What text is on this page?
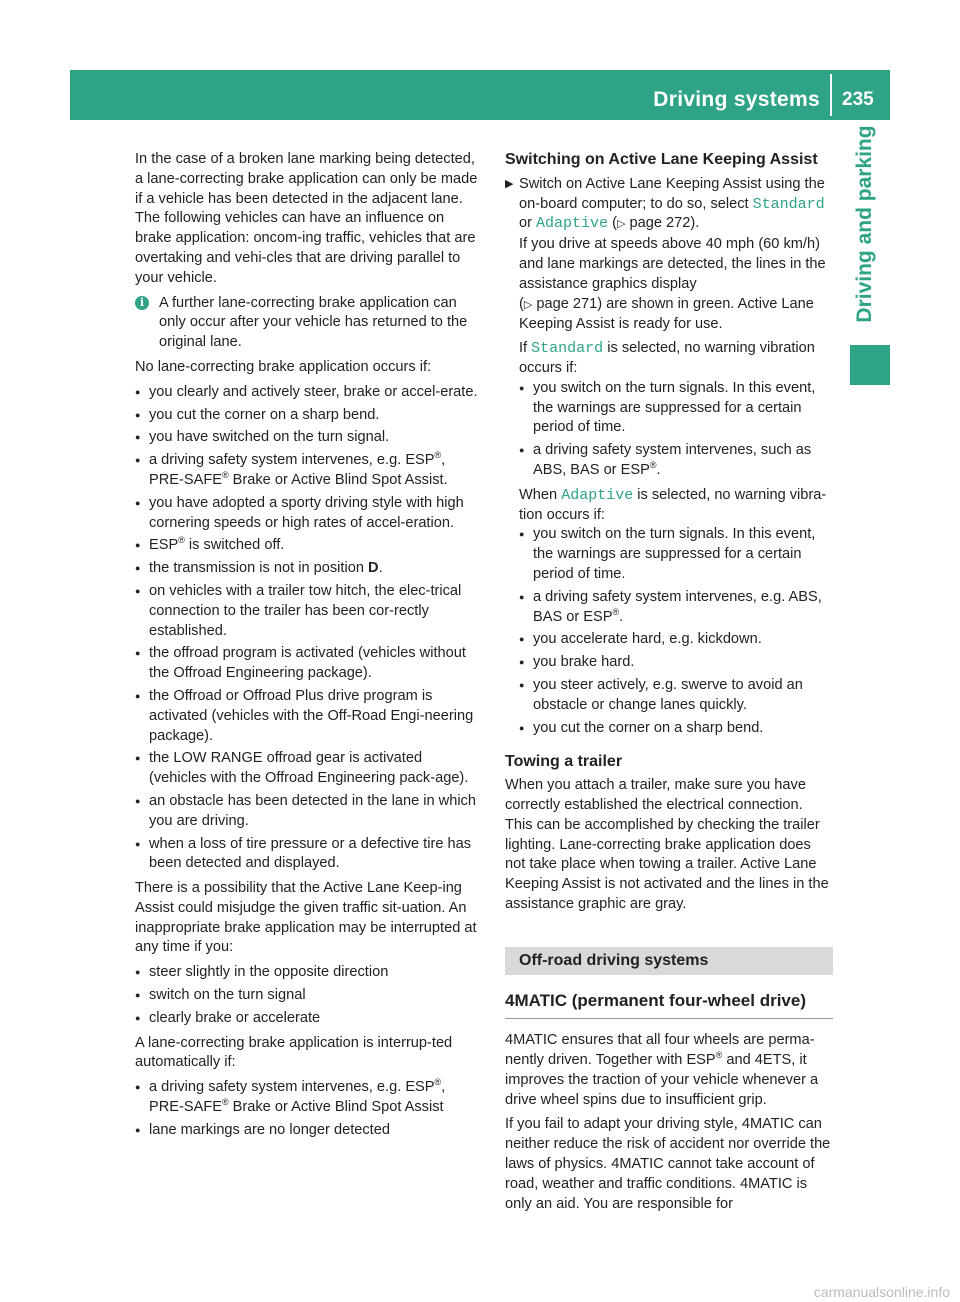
Driving systems 235
Driving and parking

In the case of a broken lane marking being detected, a lane-correcting brake application can only be made if a vehicle has been detected in the adjacent lane. The following vehicles can have an influence on brake application: oncom-ing traffic, vehicles that are overtaking and vehi-cles that are driving parallel to your vehicle.

i	A further lane-correcting brake application can only occur after your vehicle has returned to the original lane.

No lane-correcting brake application occurs if:

● you clearly and actively steer, brake or accel-erate.
● you cut the corner on a sharp bend.
● you have switched on the turn signal.
● a driving safety system intervenes, e.g. ESP®, PRE-SAFE® Brake or Active Blind Spot Assist.
● you have adopted a sporty driving style with high cornering speeds or high rates of accel-eration.
● ESP® is switched off.
● the transmission is not in position D.
● on vehicles with a trailer tow hitch, the elec-trical connection to the trailer has been cor-rectly established.
● the offroad program is activated (vehicles without the Offroad Engineering package).
● the Offroad or Offroad Plus drive program is activated (vehicles with the Off-Road Engi-neering package).
● the LOW RANGE offroad gear is activated (vehicles with the Offroad Engineering pack-age).
● an obstacle has been detected in the lane in which you are driving.
● when a loss of tire pressure or a defective tire has been detected and displayed.

There is a possibility that the Active Lane Keep-ing Assist could misjudge the given traffic sit-uation. An inappropriate brake application may be interrupted at any time if you:

● steer slightly in the opposite direction
● switch on the turn signal
● clearly brake or accelerate

A lane-correcting brake application is interrup-ted automatically if:

● a driving safety system intervenes, e.g. ESP®, PRE-SAFE® Brake or Active Blind Spot Assist
● lane markings are no longer detected
Switching on Active Lane Keeping Assist
▶ Switch on Active Lane Keeping Assist using the on-board computer; to do so, select Standard or Adaptive (▷ page 272).
If you drive at speeds above 40 mph (60 km/h) and lane markings are detected, the lines in the assistance graphics display
(▷ page 271) are shown in green. Active Lane Keeping Assist is ready for use.
If Standard is selected, no warning vibration occurs if:
● you switch on the turn signals. In this event, the warnings are suppressed for a certain period of time.
● a driving safety system intervenes, such as ABS, BAS or ESP®.
When Adaptive is selected, no warning vibra-tion occurs if:
● you switch on the turn signals. In this event, the warnings are suppressed for a certain period of time.
● a driving safety system intervenes, e.g. ABS, BAS or ESP®.
● you accelerate hard, e.g. kickdown.
● you brake hard.
● you steer actively, e.g. swerve to avoid an obstacle or change lanes quickly.
● you cut the corner on a sharp bend.
Towing a trailer

When you attach a trailer, make sure you have correctly established the electrical connection. This can be accomplished by checking the trailer lighting. Lane-correcting brake application does not take place when towing a trailer. Active Lane Keeping Assist is not activated and the lines in the assistance graphic are gray.

Off-road driving systems
4MATIC (permanent four-wheel drive)

4MATIC ensures that all four wheels are perma-nently driven. Together with ESP® and 4ETS, it improves the traction of your vehicle whenever a drive wheel spins due to insufficient grip.

If you fail to adapt your driving style, 4MATIC can neither reduce the risk of accident nor override the laws of physics. 4MATIC cannot take account of road, weather and traffic conditions. 4MATIC is only an aid. You are responsible for

carmanualsonline.info
